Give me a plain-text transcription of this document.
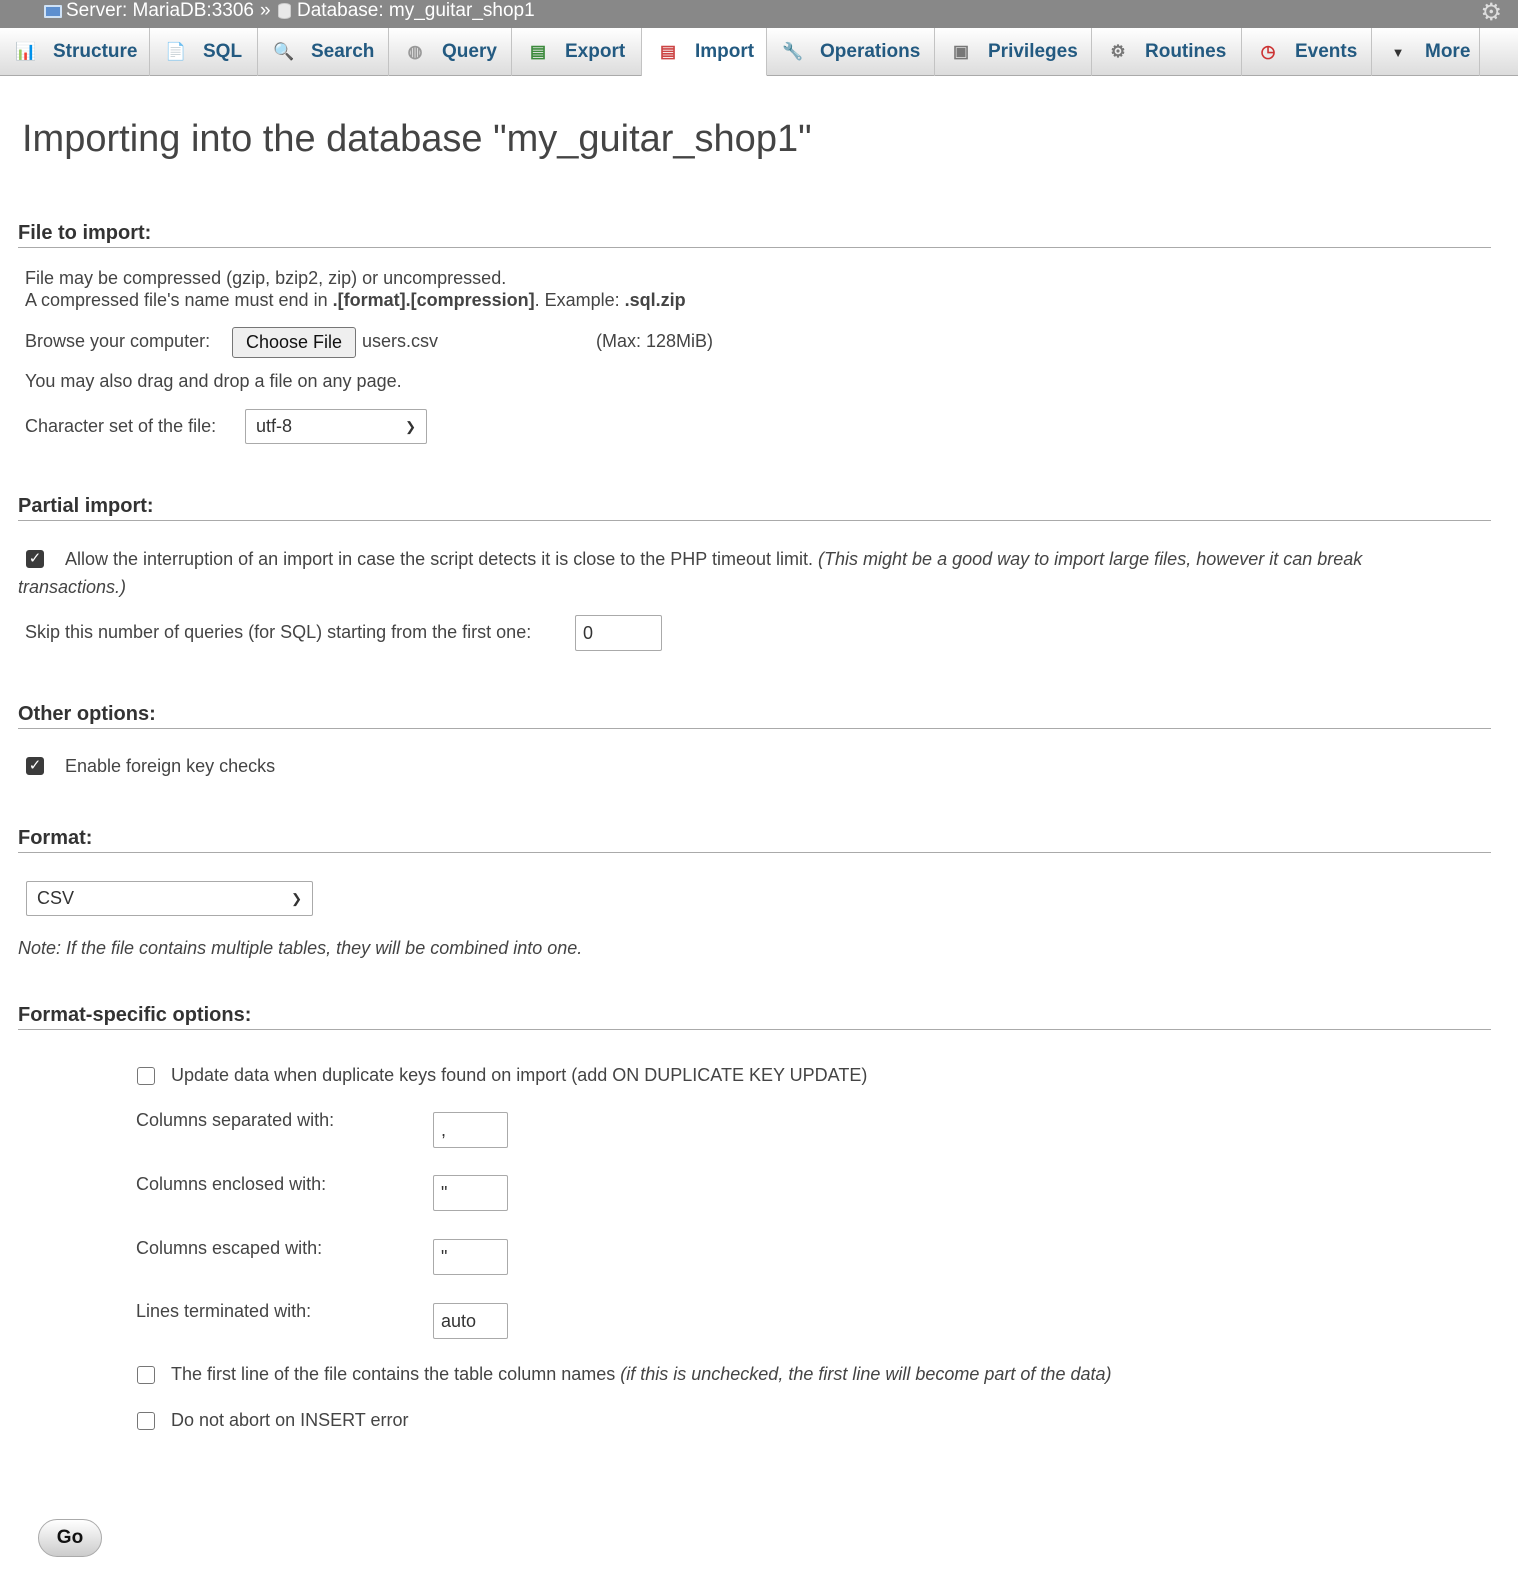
Server: MariaDB:3306 » Database: my_guitar_shop1	⚙
📊 Structure 📄 SQL 🔍 Search ◍ Query ▤ Export ▤ Import 🔧 Operations ▣ Privileges ⚙ Routines ◷ Events	▼ More
Importing into the database "my_guitar_shop1"
File to import:
File may be compressed (gzip, bzip2, zip) or uncompressed.
A compressed file's name must end in .[format].[compression]. Example: .sql.zip
Browse your computer:	Choose File	users.csv	(Max: 128MiB)
You may also drag and drop a file on any page.
Character set of the file: utf-8	❯
Partial import:
✓ Allow the interruption of an import in case the script detects it is close to the PHP timeout limit. (This might be a good way to import large files, however it can break
transactions.)
Skip this number of queries (for SQL) starting from the first one:	0
Other options:
✓ Enable foreign key checks
Format:
CSV	❯
Note: If the file contains multiple tables, they will be combined into one.
Format-specific options:
Update data when duplicate keys found on import (add ON DUPLICATE KEY UPDATE)
Columns separated with:	,
Columns enclosed with:	"
Columns escaped with:	"
Lines terminated with:	auto
The first line of the file contains the table column names (if this is unchecked, the first line will become part of the data)
Do not abort on INSERT error
Go
